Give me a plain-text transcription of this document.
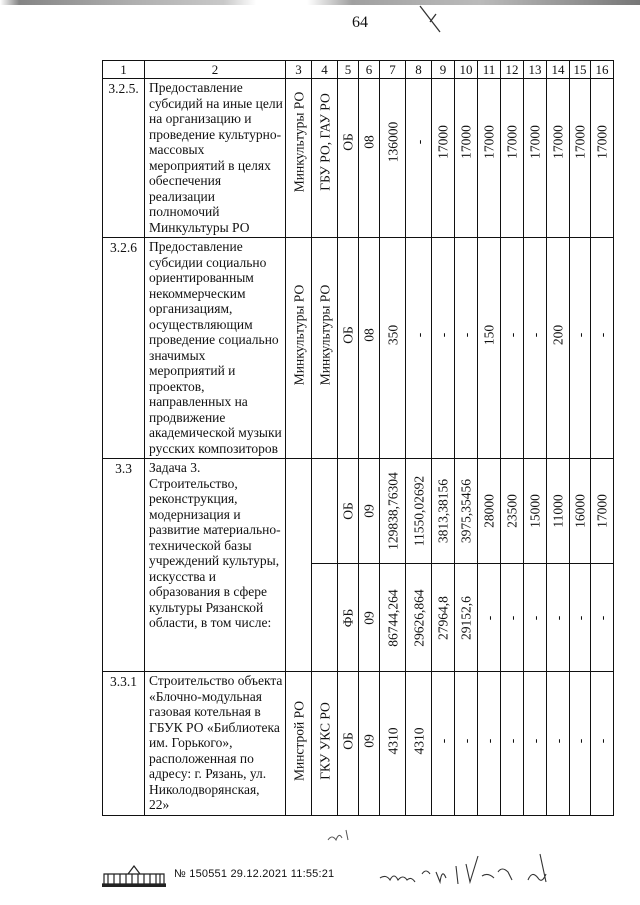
64
1	2	3	4	5	6	7	8	9	10	11	12	13	14	15	16
3.2.5.	Предоставление субсидий на иные цели на организацию и проведение культурно-массовых мероприятий в целях обеспечения реализации полномочий Минкультуры РО	Минкультуры РО	ГБУ РО, ГАУ РО	ОБ	08	136000	-	17000	17000	17000	17000	17000	17000	17000	17000

3.2.6	Предоставление субсидии социально ориентированным некоммерческим организациям, осуществляющим проведение социально значимых мероприятий и проектов, направленных на продвижение академической музыки русских композиторов	Минкультуры РО	Минкультуры РО	ОБ	08	350	-	-	-	150	-	-	200	-	-

3.3	Задача 3. Строительство, реконструкция, модернизация и развитие материально-технической базы учреждений культуры, искусства и образования в сфере культуры Рязанской области, в том числе:			ОБ	09	129838,76304	11550,02692	3813,38156	3975,35456	28000	23500	15000	11000	16000	17000

				ФБ	09	86744,264	29626,864	27964,8	29152,6	-	-	-	-	-	-

3.3.1	Строительство объекта «Блочно-модульная газовая котельная в ГБУК РО «Библиотека им. Горького», расположенная по адресу: г. Рязань, ул. Николодворянская, 22»	Минстрой РО	ГКУ УКС РО	ОБ	09	4310	4310	-	-	-	-	-	-	-	-
№ 150551 29.12.2021 11:55:21
